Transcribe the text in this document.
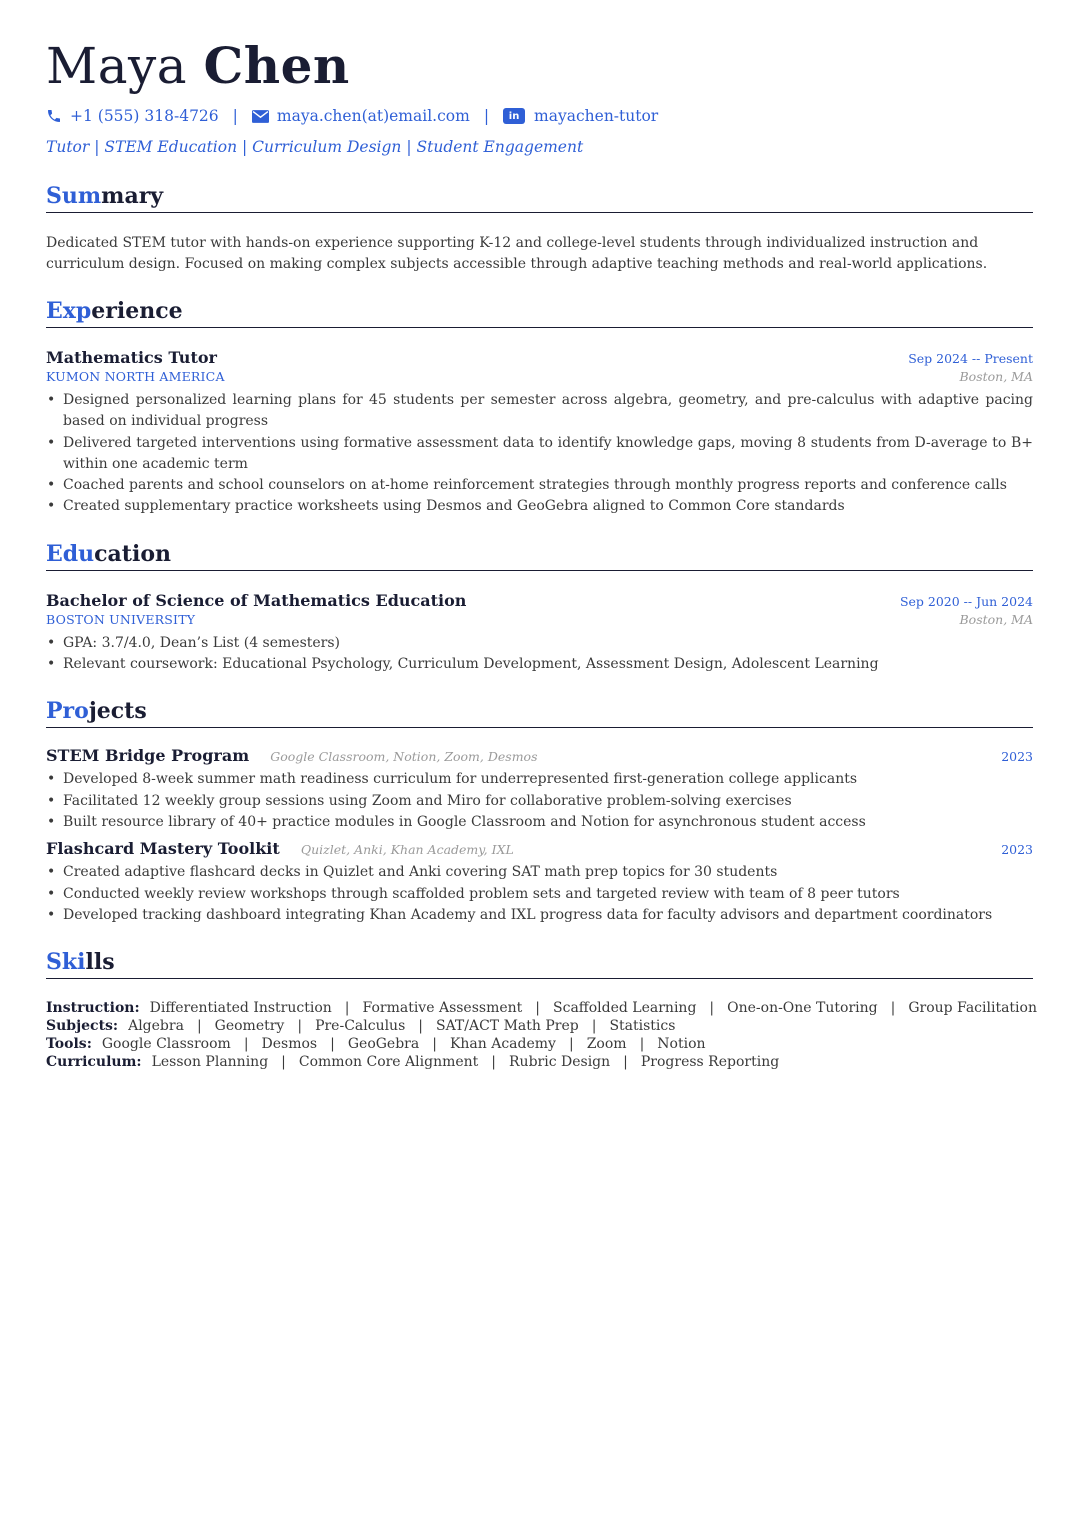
Maya Chen
+1 (555) 318-4726 |	maya.chen(at)email.com |	in mayachen-tutor
Tutor | STEM Education | Curriculum Design | Student Engagement
Summary
Dedicated STEM tutor with hands-on experience supporting K-12 and college-level students through individualized instruction and curriculum design. Focused on making complex subjects accessible through adaptive teaching methods and real-world applications.
Experience
Mathematics Tutor	Sep 2024 -- Present
KUMON NORTH AMERICA	Boston, MA
• Designed personalized learning plans for 45 students per semester across algebra, geometry, and pre-calculus with adaptive pacing based on individual progress
• Delivered targeted interventions using formative assessment data to identify knowledge gaps, moving 8 students from D-average to B+ within one academic term
• Coached parents and school counselors on at-home reinforcement strategies through monthly progress reports and conference calls
• Created supplementary practice worksheets using Desmos and GeoGebra aligned to Common Core standards
Education
Bachelor of Science of Mathematics Education	Sep 2020 -- Jun 2024
BOSTON UNIVERSITY	Boston, MA
• GPA: 3.7/4.0, Dean’s List (4 semesters)
• Relevant coursework: Educational Psychology, Curriculum Development, Assessment Design, Adolescent Learning
Projects
STEM Bridge Program Google Classroom, Notion, Zoom, Desmos	2023
• Developed 8-week summer math readiness curriculum for underrepresented first-generation college applicants
• Facilitated 12 weekly group sessions using Zoom and Miro for collaborative problem-solving exercises
• Built resource library of 40+ practice modules in Google Classroom and Notion for asynchronous student access
Flashcard Mastery Toolkit Quizlet, Anki, Khan Academy, IXL	2023
• Created adaptive flashcard decks in Quizlet and Anki covering SAT math prep topics for 30 students
• Conducted weekly review workshops through scaffolded problem sets and targeted review with team of 8 peer tutors
• Developed tracking dashboard integrating Khan Academy and IXL progress data for faculty advisors and department coordinators
Skills
Instruction: Differentiated Instruction	| Formative Assessment	| Scaffolded Learning	| One-on-One Tutoring	| Group Facilitation
Subjects: Algebra	| Geometry	| Pre-Calculus	| SAT/ACT Math Prep	| Statistics
Tools: Google Classroom	| Desmos	| GeoGebra	| Khan Academy	| Zoom	| Notion
Curriculum: Lesson Planning	| Common Core Alignment	| Rubric Design	| Progress Reporting
